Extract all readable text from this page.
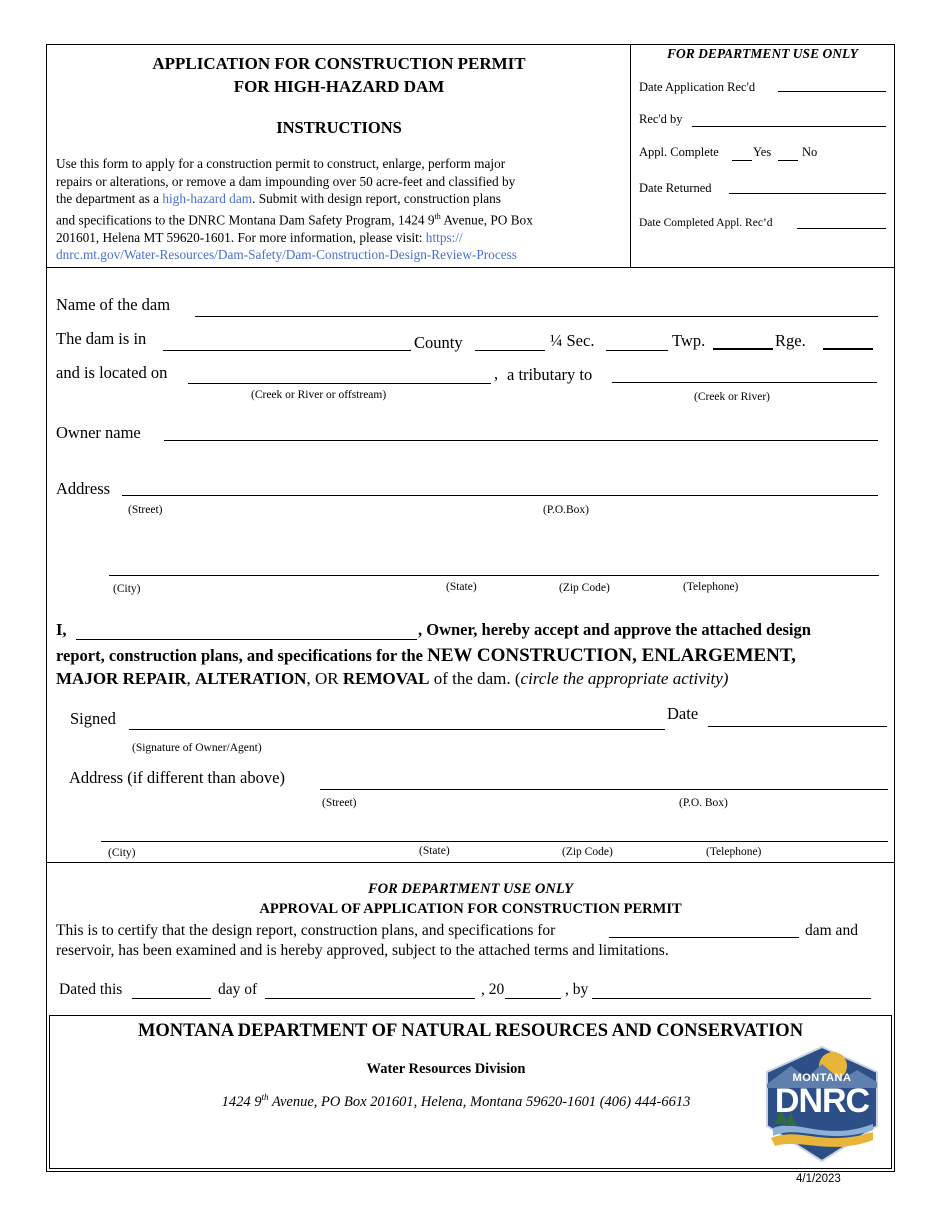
APPLICATION FOR CONSTRUCTION PERMIT
FOR HIGH-HAZARD DAM
INSTRUCTIONS
Use this form to apply for a construction permit to construct, enlarge, perform major
repairs or alterations, or remove a dam impounding over 50 acre-feet and classified by
the department as a high-hazard dam. Submit with design report, construction plans
and specifications to the DNRC Montana Dam Safety Program, 1424 9th Avenue, PO Box
201601, Helena MT 59620-1601. For more information, please visit: https://
dnrc.mt.gov/Water-Resources/Dam-Safety/Dam-Construction-Design-Review-Process
FOR DEPARTMENT USE ONLY
Date Application Rec'd
Rec'd by
Appl. Complete	Yes No
Date Returned
Date Completed Appl. Rec’d
Name of the dam
The dam is in	County	¼ Sec.	Twp.	Rge.
and is located on	, a tributary to
(Creek or River or offstream)	(Creek or River)
Owner name
Address
(Street)	(P.O.Box)
(City)	(State)	(Zip Code)	(Telephone)
I,	, Owner, hereby accept and approve the attached design
report, construction plans, and specifications for the NEW CONSTRUCTION, ENLARGEMENT,
MAJOR REPAIR, ALTERATION, OR REMOVAL of the dam. (circle the appropriate activity)
Signed	Date
(Signature of Owner/Agent)
Address (if different than above)
(Street)	(P.O. Box)
(City)	(State)	(Zip Code)	(Telephone)
FOR DEPARTMENT USE ONLY
APPROVAL OF APPLICATION FOR CONSTRUCTION PERMIT
This is to certify that the design report, construction plans, and specifications for	dam and
reservoir, has been examined and is hereby approved, subject to the attached terms and limitations.
Dated this	day of	, 20	, by
MONTANA DEPARTMENT OF NATURAL RESOURCES AND CONSERVATION
Water Resources Division
1424 9th Avenue, PO Box 201601, Helena, Montana 59620-1601 (406) 444-6613
MONTANA
DNRC
4/1/2023
